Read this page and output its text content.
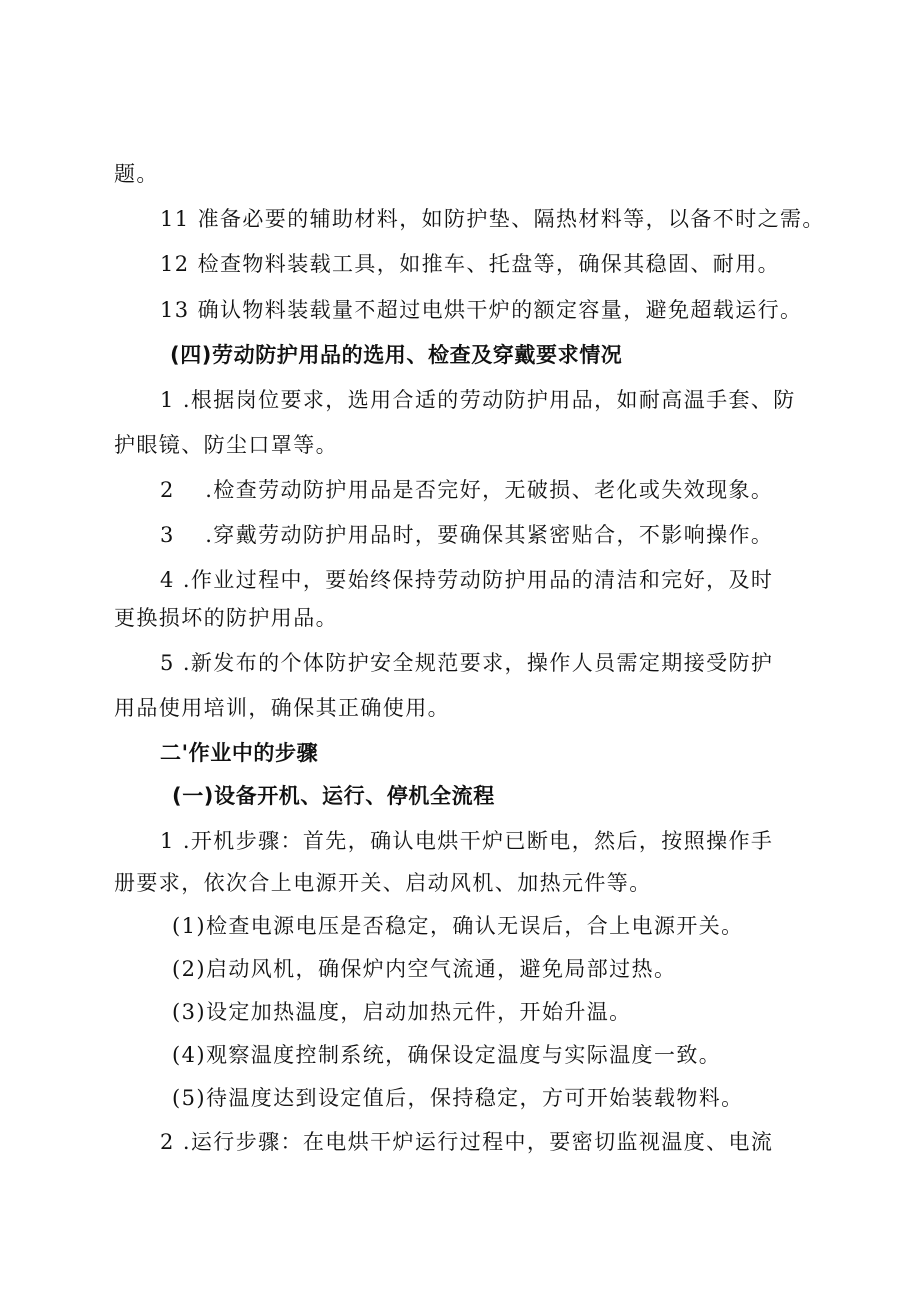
题。
11 准备必要的辅助材料，如防护垫、隔热材料等，以备不时之需。
12 检查物料装载工具，如推车、托盘等，确保其稳固、耐用。
13 确认物料装载量不超过电烘干炉的额定容量，避免超载运行。
(四)劳动防护用品的选用、检查及穿戴要求情况
1 .根据岗位要求，选用合适的劳动防护用品，如耐高温手套、防
护眼镜、防尘口罩等。
2　 .检查劳动防护用品是否完好，无破损、老化或失效现象。
3　 .穿戴劳动防护用品时，要确保其紧密贴合，不影响操作。
4 .作业过程中，要始终保持劳动防护用品的清洁和完好，及时
更换损坏的防护用品。
5 .新发布的个体防护安全规范要求，操作人员需定期接受防护
用品使用培训，确保其正确使用。
二'作业中的步骤
(一)设备开机、运行、停机全流程
1 .开机步骤：首先，确认电烘干炉已断电，然后，按照操作手
册要求，依次合上电源开关、启动风机、加热元件等。
(1)检查电源电压是否稳定，确认无误后，合上电源开关。
(2)启动风机，确保炉内空气流通，避免局部过热。
(3)设定加热温度，启动加热元件，开始升温。
(4)观察温度控制系统，确保设定温度与实际温度一致。
(5)待温度达到设定值后，保持稳定，方可开始装载物料。
2 .运行步骤：在电烘干炉运行过程中，要密切监视温度、电流
